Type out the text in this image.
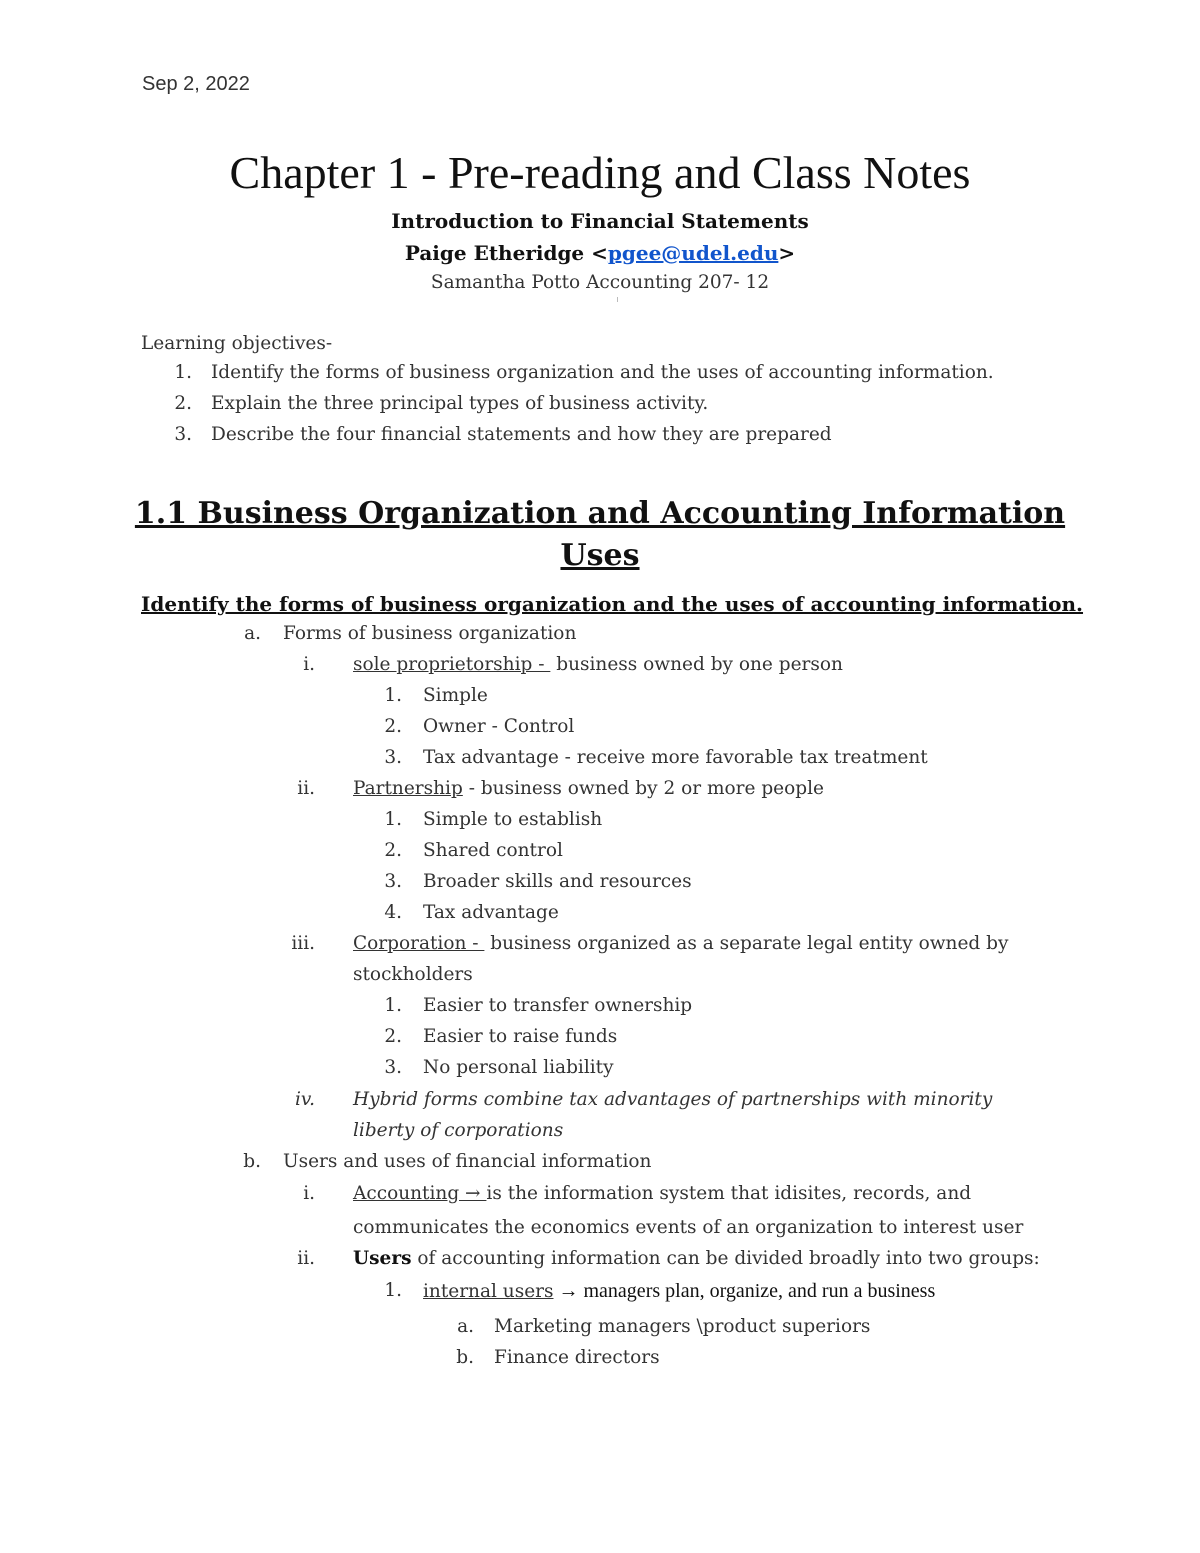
Sep 2, 2022
Chapter 1 - Pre-reading and Class Notes
Introduction to Financial Statements
Paige Etheridge <pgee@udel.edu>
Samantha Potto Accounting 207- 12
Learning objectives-
1. Identify the forms of business organization and the uses of accounting information.
2. Explain the three principal types of business activity.
3. Describe the four financial statements and how they are prepared
1.1 Business Organization and Accounting Information
Uses
Identify the forms of business organization and the uses of accounting information.
a. Forms of business organization
i. sole proprietorship -  business owned by one person
1. Simple
2. Owner - Control
3. Tax advantage - receive more favorable tax treatment
ii. Partnership - business owned by 2 or more people
1. Simple to establish
2. Shared control
3. Broader skills and resources
4. Tax advantage
iii. Corporation -  business organized as a separate legal entity owned by
stockholders
1. Easier to transfer ownership
2. Easier to raise funds
3. No personal liability
iv. Hybrid forms combine tax advantages of partnerships with minority
liberty of corporations
b. Users and uses of financial information
i. Accounting → is the information system that idisites, records, and
communicates the economics events of an organization to interest user
ii. Users of accounting information can be divided broadly into two groups:
1. internal users → managers plan, organize, and run a business
a. Marketing managers \product superiors
b. Finance directors
